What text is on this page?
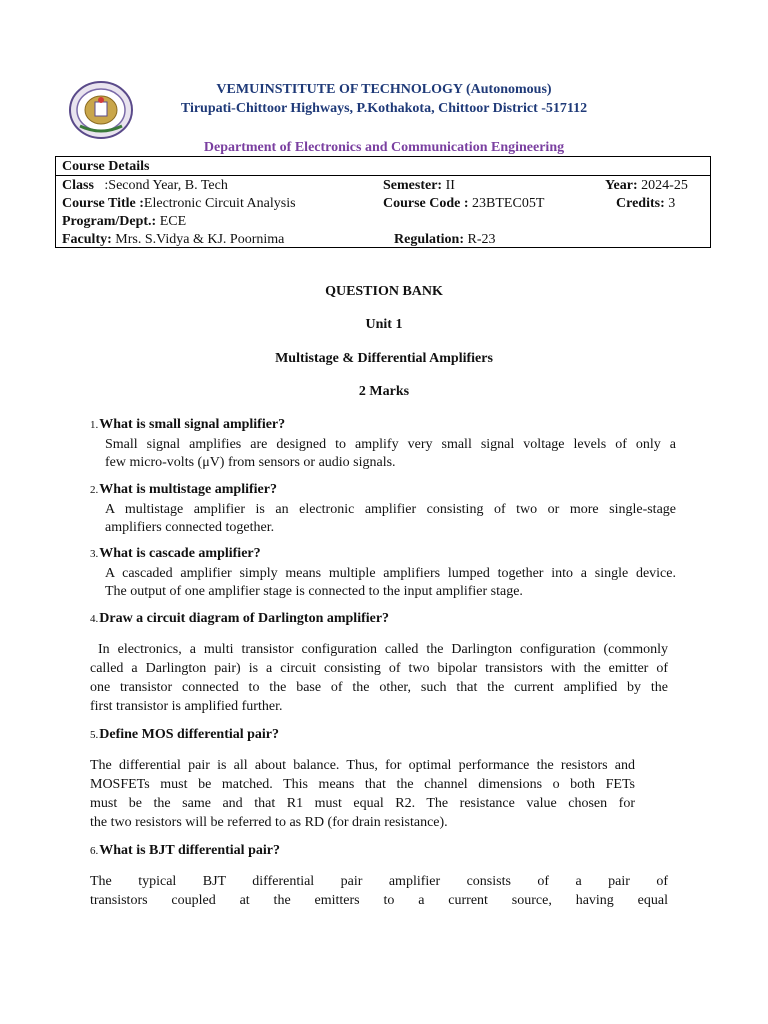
VEMUINSTITUTE OF TECHNOLOGY (Autonomous)
Tirupati-Chittoor Highways, P.Kothakota, Chittoor District -517112
Department of Electronics and Communication Engineering
Course Details
Class   :Second Year, B. Tech	Semester: II	Year: 2024-25
Course Title :Electronic Circuit Analysis	Course Code : 23BTEC05T	Credits: 3
Program/Dept.: ECE
Faculty: Mrs. S.Vidya & KJ. Poornima	Regulation: R-23
QUESTION BANK
Unit 1
Multistage & Differential Amplifiers
2 Marks
1.What is small signal amplifier?
Small signal amplifies are designed to amplify very small signal voltage levels of only a
few micro-volts (μV) from sensors or audio signals.
2.What is multistage amplifier?
A multistage amplifier is an electronic amplifier consisting of two or more single-stage
amplifiers connected together.
3.What is cascade amplifier?
A cascaded amplifier simply means multiple amplifiers lumped together into a single device.
The output of one amplifier stage is connected to the input amplifier stage.
4.Draw a circuit diagram of Darlington amplifier?
In electronics, a multi transistor configuration called the Darlington configuration (commonly
called a Darlington pair) is a circuit consisting of two bipolar transistors with the emitter of
one transistor connected to the base of the other, such that the current amplified by the
first transistor is amplified further.
5.Define MOS differential pair?
The differential pair is all about balance. Thus, for optimal performance the resistors and
MOSFETs must be matched. This means that the channel dimensions o both FETs
must be the same and that R1 must equal R2. The resistance value chosen for
the two resistors will be referred to as RD (for drain resistance).
6.What is BJT differential pair?
The typical BJT differential pair amplifier consists of a pair of
transistors coupled at the emitters to a current source, having equal
